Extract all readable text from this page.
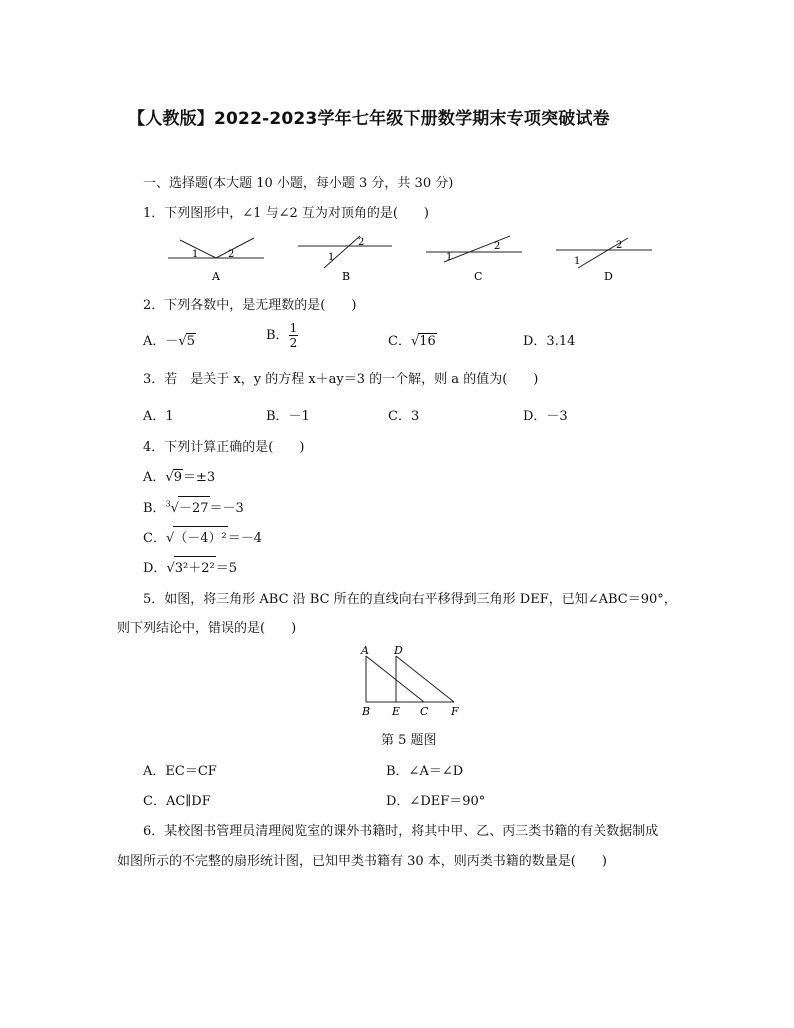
【人教版】2022-2023学年七年级下册数学期末专项突破试卷
一、选择题(本大题 10 小题，每小题 3 分，共 30 分)
1．下列图形中，∠1 与∠2 互为对顶角的是(　　)
1	2
A
1
2
B
1
2
C
1
2
D
2．下列各数中，是无理数的是(　　)
A．－√5	B． $\frac{1}{2}$	C．√16	D．3.14
3．若　是关于 x，y 的方程 x＋ay＝3 的一个解，则 a 的值为(　　)
A．1	B．－1	C．3	D．－3
4．下列计算正确的是(　　)
A．√9＝±3
B．$^3$√－27＝－3
C．√（－4）²＝－4
D．√3²＋2²＝5
5．如图，将三角形 ABC 沿 BC 所在的直线向右平移得到三角形 DEF，已知∠ABC＝90°，
则下列结论中，错误的是(　　)
A D
B E C F
第 5 题图
A．EC＝CF	B．∠A＝∠D
C．AC∥DF	D．∠DEF＝90°
6．某校图书管理员清理阅览室的课外书籍时，将其中甲、乙、丙三类书籍的有关数据制成
如图所示的不完整的扇形统计图，已知甲类书籍有 30 本，则丙类书籍的数量是(　　)
